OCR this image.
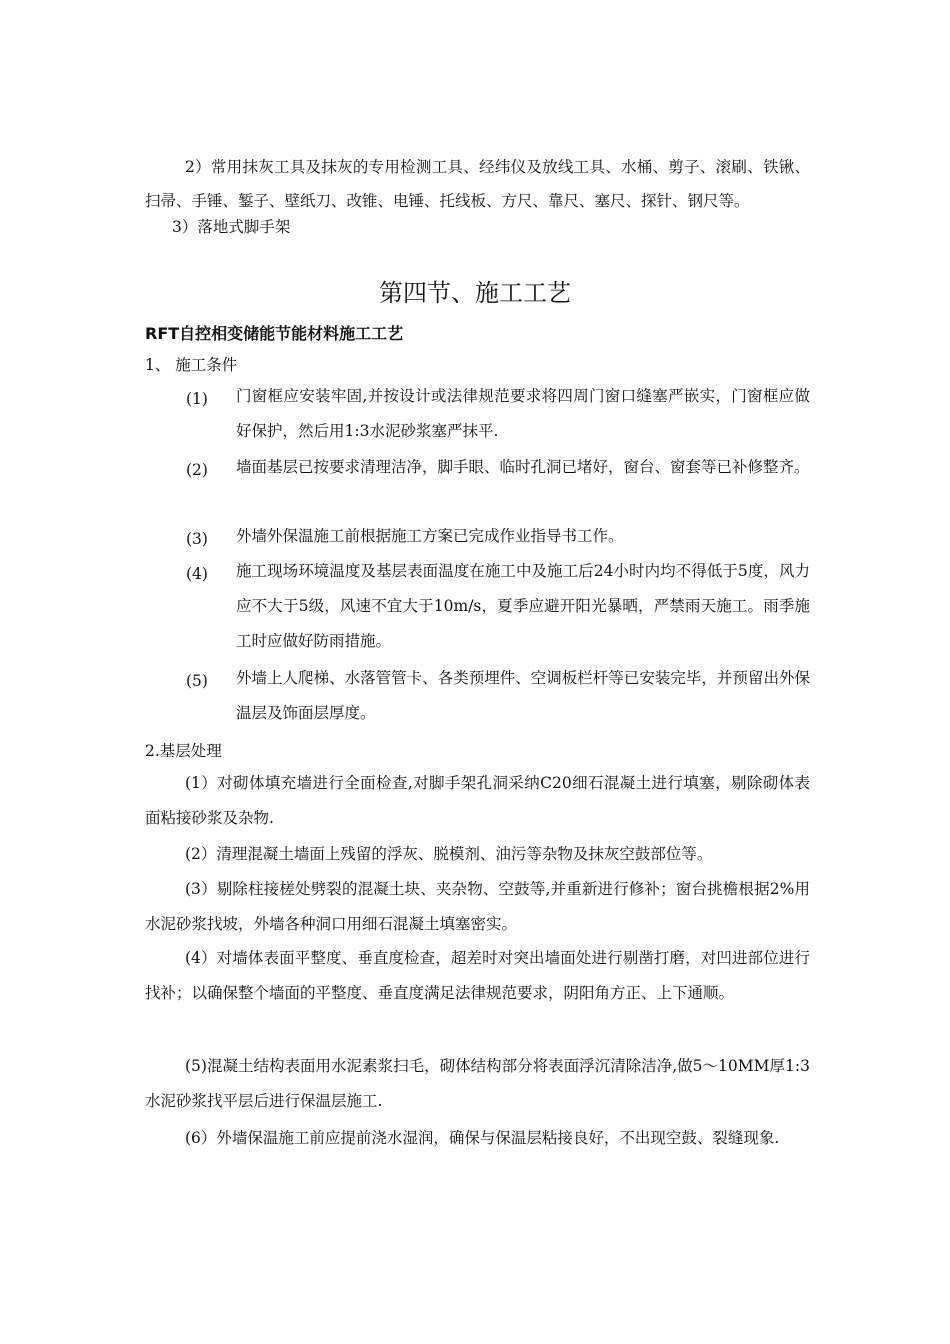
2）常用抹灰工具及抹灰的专用检测工具、经纬仪及放线工具、水桶、剪子、滚刷、铁锹、扫帚、手锤、錾子、壁纸刀、改锥、电锤、托线板、方尺、靠尺、塞尺、探针、钢尺等。
3）落地式脚手架
第四节、施工工艺
RFT自控相变储能节能材料施工工艺
1、 施工条件
(1) 门窗框应安装牢固,并按设计或法律规范要求将四周门窗口缝塞严嵌实，门窗框应做好保护，然后用1:3水泥砂浆塞严抹平.
(2) 墙面基层已按要求清理洁净，脚手眼、临时孔洞已堵好，窗台、窗套等已补修整齐。
(3) 外墙外保温施工前根据施工方案已完成作业指导书工作。
(4) 施工现场环境温度及基层表面温度在施工中及施工后24小时内均不得低于5度，风力应不大于5级，风速不宜大于10m/s，夏季应避开阳光暴晒，严禁雨天施工。雨季施工时应做好防雨措施。
(5) 外墙上人爬梯、水落管管卡、各类预埋件、空调板栏杆等已安装完毕，并预留出外保温层及饰面层厚度。
2.基层处理
(1）对砌体填充墙进行全面检查,对脚手架孔洞采纳C20细石混凝土进行填塞，剔除砌体表面粘接砂浆及杂物.
(2）清理混凝土墙面上残留的浮灰、脱模剂、油污等杂物及抹灰空鼓部位等。
(3）剔除柱接槎处劈裂的混凝土块、夹杂物、空鼓等,并重新进行修补；窗台挑檐根据2%用水泥砂浆找坡，外墙各种洞口用细石混凝土填塞密实。
(4）对墙体表面平整度、垂直度检查，超差时对突出墙面处进行剔凿打磨，对凹进部位进行找补；以确保整个墙面的平整度、垂直度满足法律规范要求，阴阳角方正、上下通顺。
(5)混凝土结构表面用水泥素浆扫毛，砌体结构部分将表面浮沉清除洁净,做5～10MM厚1:3水泥砂浆找平层后进行保温层施工.
(6）外墙保温施工前应提前浇水湿润，确保与保温层粘接良好，不出现空鼓、裂缝现象.
